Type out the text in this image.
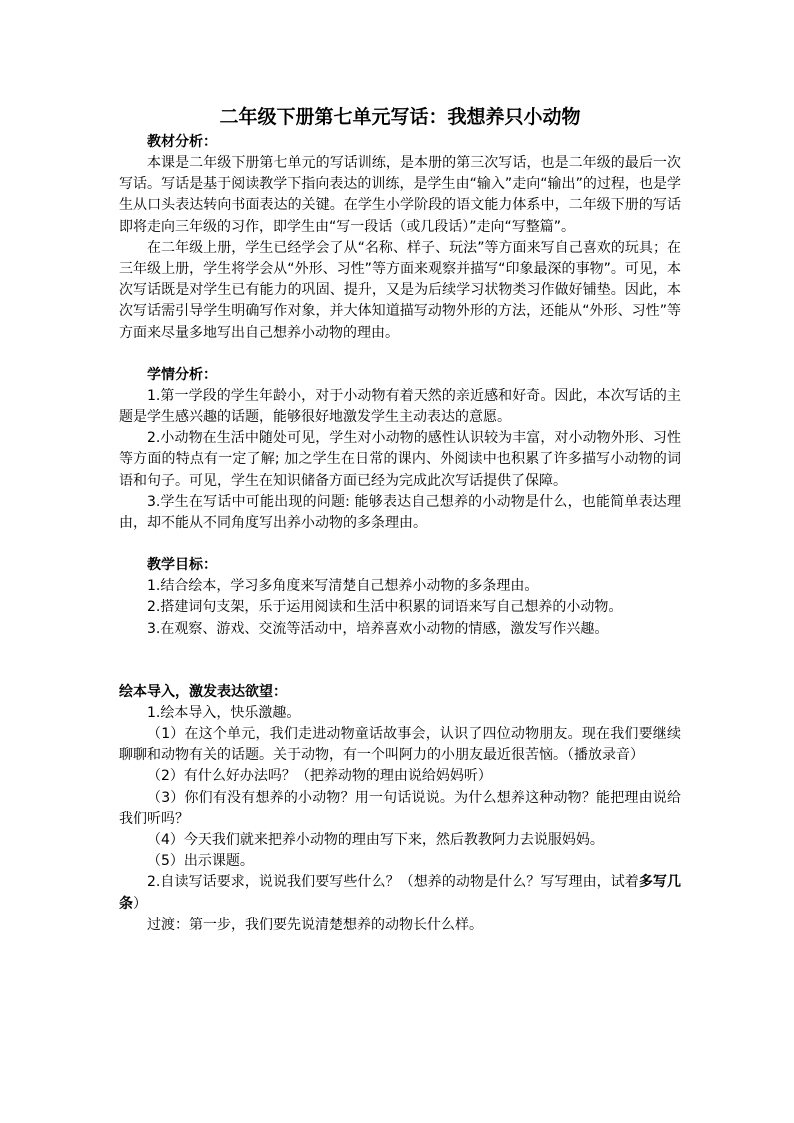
二年级下册第七单元写话：我想养只小动物
教材分析：

本课是二年级下册第七单元的写话训练，是本册的第三次写话，也是二年级的最后一次写话。写话是基于阅读教学下指向表达的训练，是学生由“输入”走向“输出”的过程，也是学生从口头表达转向书面表达的关键。在学生小学阶段的语文能力体系中，二年级下册的写话即将走向三年级的习作，即学生由“写一段话（或几段话）”走向“写整篇”。

在二年级上册，学生已经学会了从“名称、样子、玩法”等方面来写自己喜欢的玩具；在三年级上册，学生将学会从“外形、习性”等方面来观察并描写“印象最深的事物”。可见，本次写话既是对学生已有能力的巩固、提升，又是为后续学习状物类习作做好铺垫。因此，本次写话需引导学生明确写作对象，并大体知道描写动物外形的方法，还能从“外形、习性”等方面来尽量多地写出自己想养小动物的理由。

学情分析：

1.第一学段的学生年龄小，对于小动物有着天然的亲近感和好奇。因此，本次写话的主题是学生感兴趣的话题，能够很好地激发学生主动表达的意愿。

2.小动物在生活中随处可见，学生对小动物的感性认识较为丰富，对小动物外形、习性等方面的特点有一定了解; 加之学生在日常的课内、外阅读中也积累了许多描写小动物的词语和句子。可见，学生在知识储备方面已经为完成此次写话提供了保障。

3.学生在写话中可能出现的问题: 能够表达自己想养的小动物是什么，也能简单表达理由，却不能从不同角度写出养小动物的多条理由。

教学目标：

1.结合绘本，学习多角度来写清楚自己想养小动物的多条理由。

2.搭建词句支架，乐于运用阅读和生活中积累的词语来写自己想养的小动物。

3.在观察、游戏、交流等活动中，培养喜欢小动物的情感，激发写作兴趣。

绘本导入，激发表达欲望：

1.绘本导入，快乐激趣。

（1）在这个单元，我们走进动物童话故事会，认识了四位动物朋友。现在我们要继续聊聊和动物有关的话题。关于动物，有一个叫阿力的小朋友最近很苦恼。（播放录音）

（2）有什么好办法吗？（把养动物的理由说给妈妈听）

（3）你们有没有想养的小动物？用一句话说说。为什么想养这种动物？能把理由说给我们听吗？

（4）今天我们就来把养小动物的理由写下来，然后教教阿力去说服妈妈。

（5）出示课题。

2.自读写话要求，说说我们要写些什么？（想养的动物是什么？写写理由，试着多写几条）

过渡：第一步，我们要先说清楚想养的动物长什么样。
